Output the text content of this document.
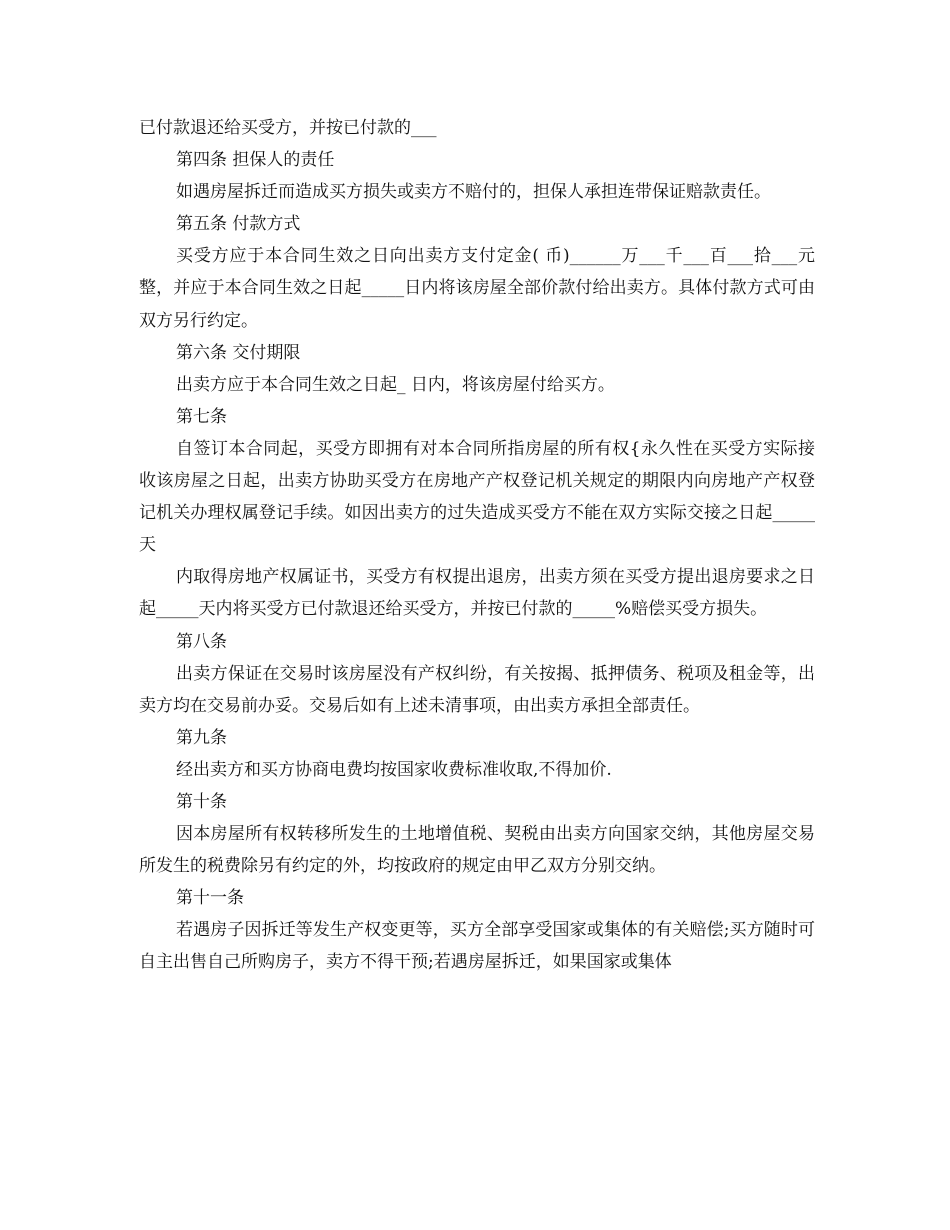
已付款退还给买受方，并按已付款的___

第四条 担保人的责任

如遇房屋拆迁而造成买方损失或卖方不赔付的，担保人承担连带保证赔款责任。

第五条 付款方式

买受方应于本合同生效之日向出卖方支付定金( 币)______万___千___百___拾___元整，并应于本合同生效之日起_____日内将该房屋全部价款付给出卖方。具体付款方式可由双方另行约定。

第六条 交付期限

出卖方应于本合同生效之日起_ 日内，将该房屋付给买方。

第七条

自签订本合同起，买受方即拥有对本合同所指房屋的所有权{永久性在买受方实际接收该房屋之日起，出卖方协助买受方在房地产产权登记机关规定的期限内向房地产产权登记机关办理权属登记手续。如因出卖方的过失造成买受方不能在双方实际交接之日起_____天

内取得房地产权属证书，买受方有权提出退房，出卖方须在买受方提出退房要求之日起_____天内将买受方已付款退还给买受方，并按已付款的_____%赔偿买受方损失。

第八条

出卖方保证在交易时该房屋没有产权纠纷，有关按揭、抵押债务、税项及租金等，出卖方均在交易前办妥。交易后如有上述未清事项，由出卖方承担全部责任。

第九条

经出卖方和买方协商电费均按国家收费标准收取,不得加价.

第十条

因本房屋所有权转移所发生的土地增值税、契税由出卖方向国家交纳，其他房屋交易所发生的税费除另有约定的外，均按政府的规定由甲乙双方分别交纳。

第十一条

若遇房子因拆迁等发生产权变更等，买方全部享受国家或集体的有关赔偿;买方随时可自主出售自己所购房子，卖方不得干预;若遇房屋拆迁，如果国家或集体
